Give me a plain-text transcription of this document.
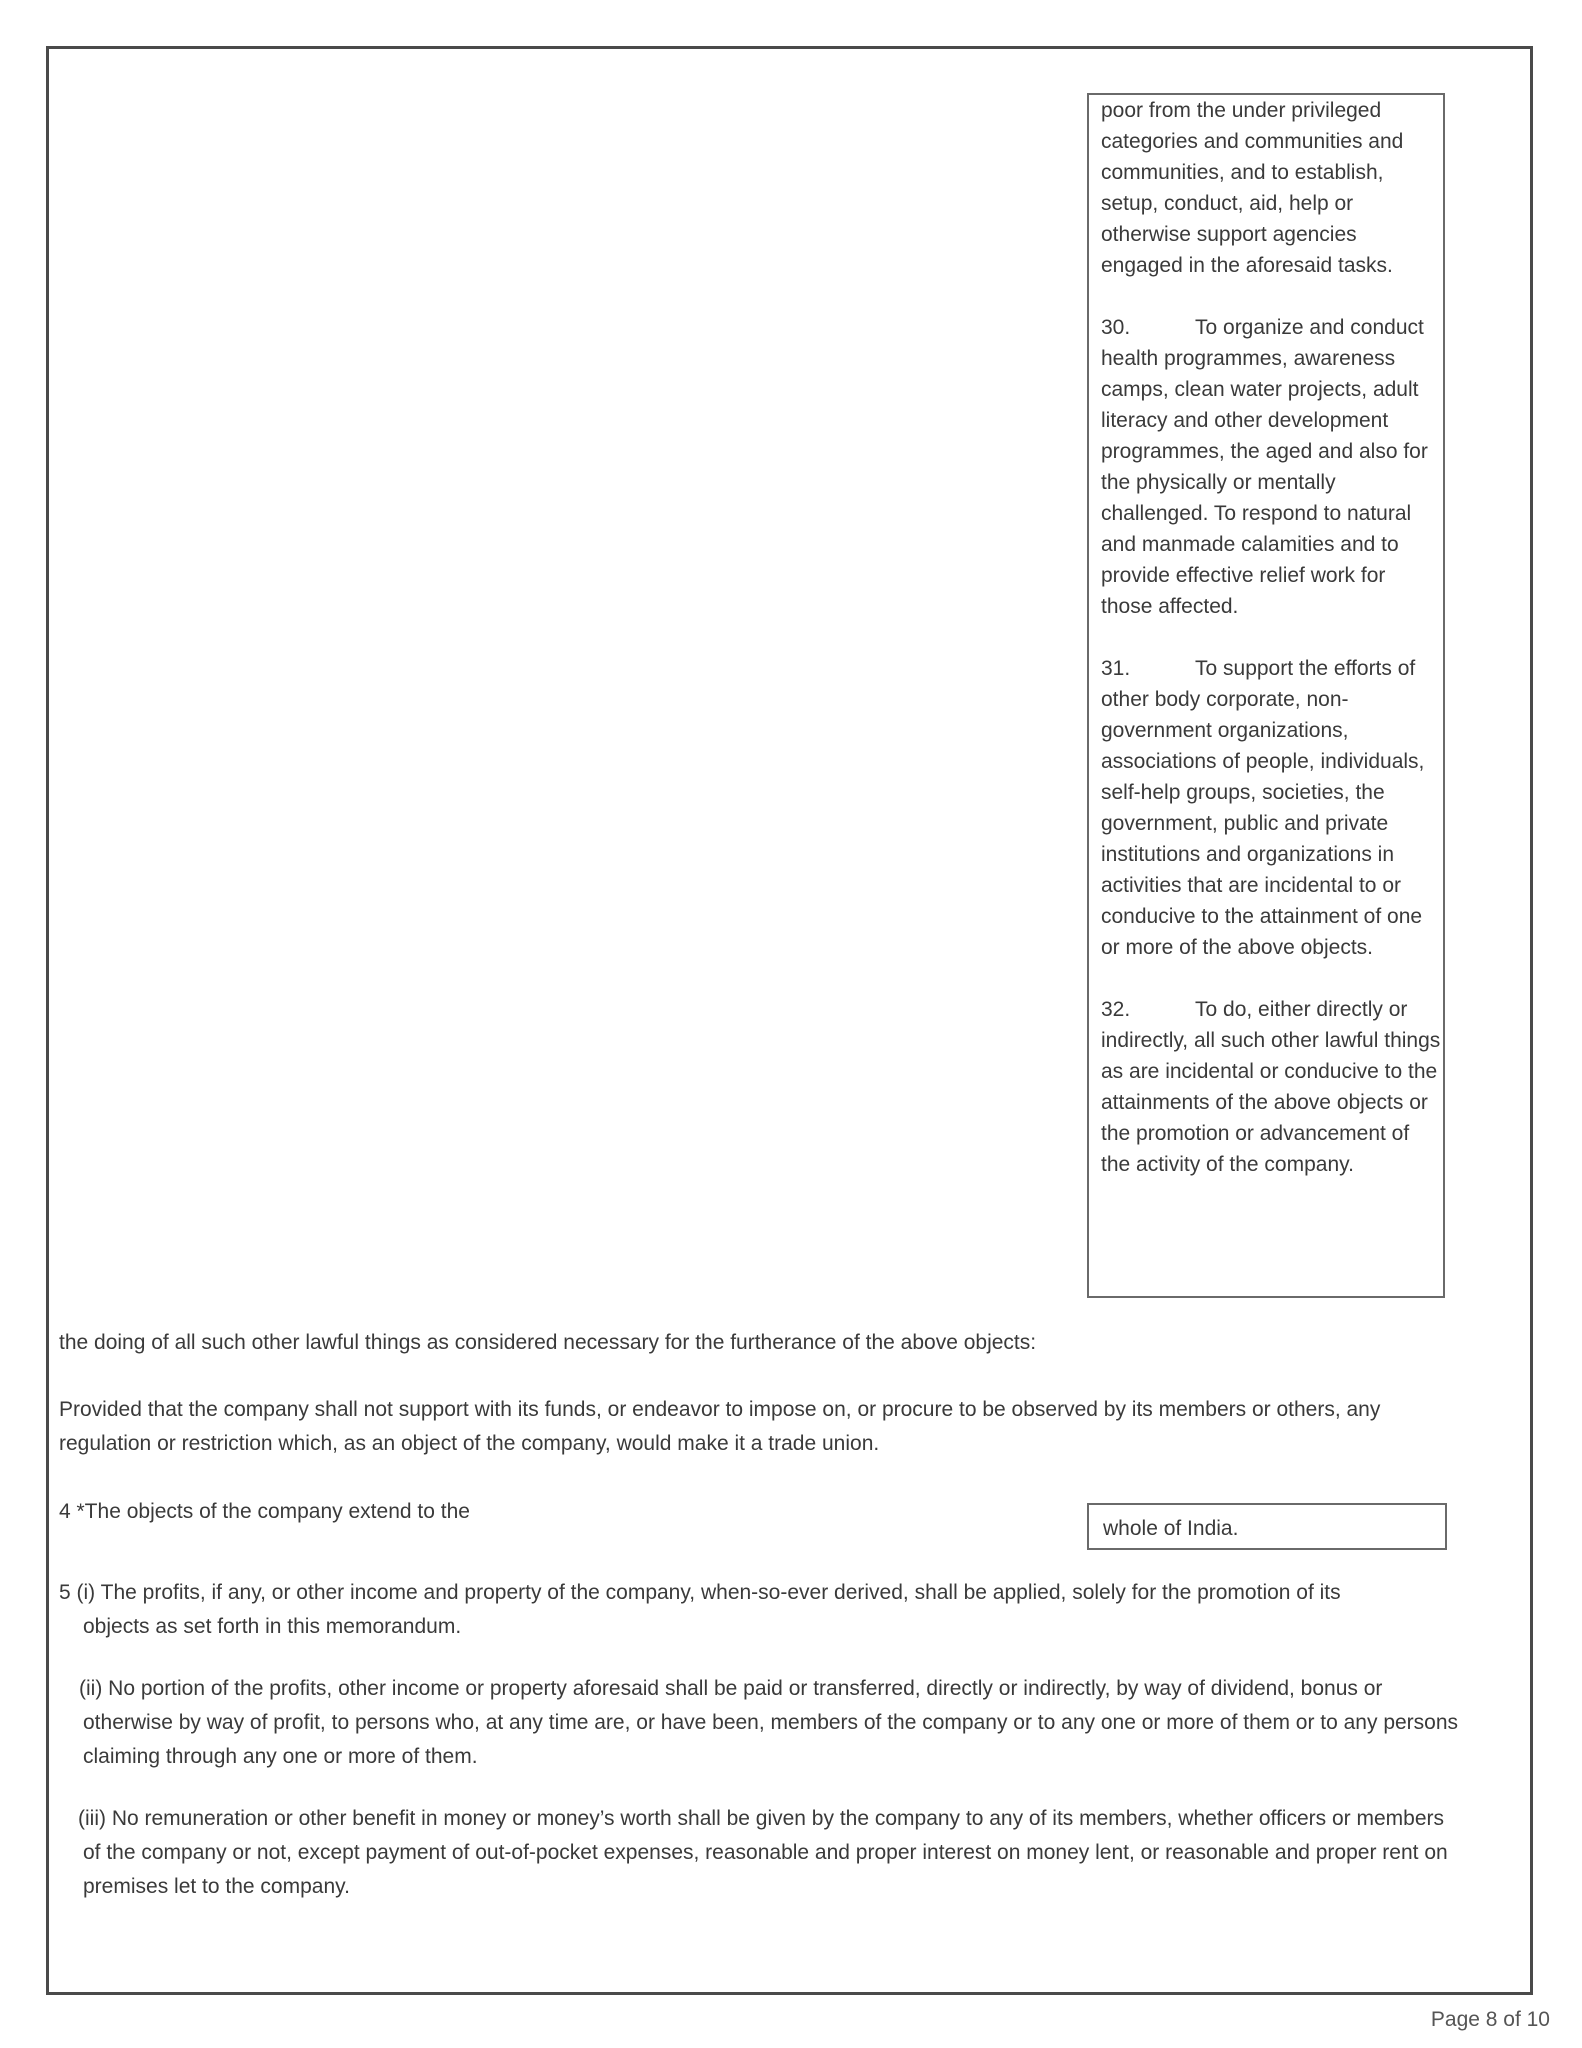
poor from the under privileged categories and communities and communities, and to establish, setup, conduct, aid, help or otherwise support agencies engaged in the aforesaid tasks.

30.	To organize and conduct health programmes, awareness camps, clean water projects, adult literacy and other development programmes, the aged and also for the physically or mentally challenged. To respond to natural and manmade calamities and to provide effective relief work for those affected.

31.	To support the efforts of other body corporate, non-government organizations, associations of people, individuals, self-help groups, societies, the government, public and private institutions and organizations in activities that are incidental to or conducive to the attainment of one or more of the above objects.

32.	To do, either directly or indirectly, all such other lawful things as are incidental or conducive to the attainments of the above objects or the promotion or advancement of the activity of the company.

the doing of all such other lawful things as considered necessary for the furtherance of the above objects:

Provided that the company shall not support with its funds, or endeavor to impose on, or procure to be observed by its members or others, any regulation or restriction which, as an object of the company, would make it a trade union.

4 *The objects of the company extend to the

whole of India.

5 (i) The profits, if any, or other income and property of the company, when-so-ever derived, shall be applied, solely for the promotion of its objects as set forth in this memorandum.

(ii) No portion of the profits, other income or property aforesaid shall be paid or transferred, directly or indirectly, by way of dividend, bonus or otherwise by way of profit, to persons who, at any time are, or have been, members of the company or to any one or more of them or to any persons claiming through any one or more of them.

(iii) No remuneration or other benefit in money or money’s worth shall be given by the company to any of its members, whether officers or members of the company or not, except payment of out-of-pocket expenses, reasonable and proper interest on money lent, or reasonable and proper rent on premises let to the company.

Page 8 of 10
